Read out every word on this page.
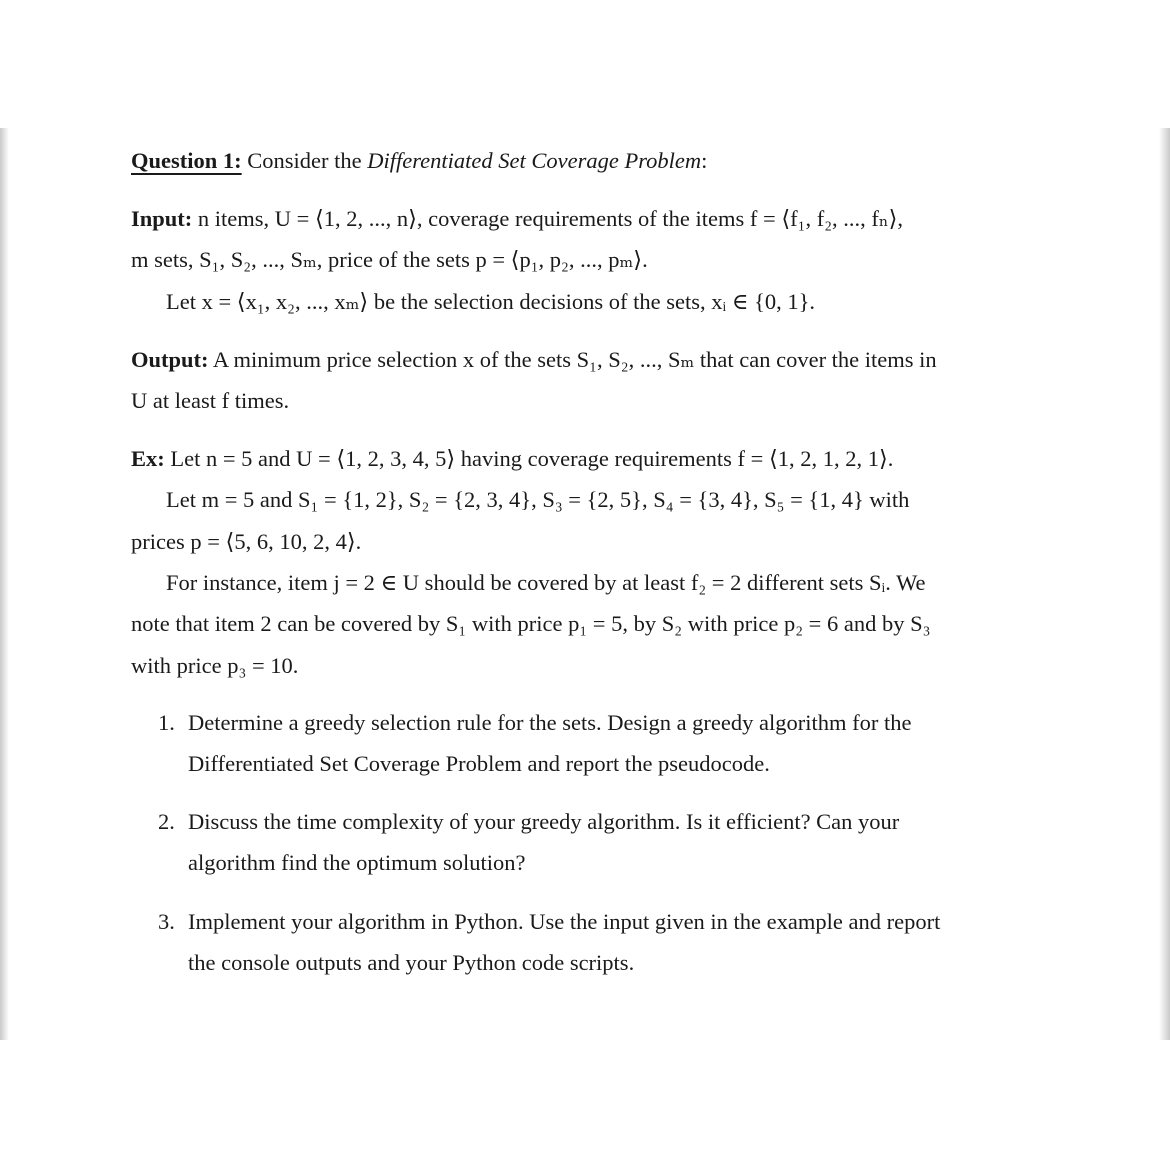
Question 1: Consider the Differentiated Set Coverage Problem:
Input: n items, U = ⟨1, 2, ..., n⟩, coverage requirements of the items f = ⟨f₁, f₂, ..., fₙ⟩,
m sets, S₁, S₂, ..., Sₘ, price of the sets p = ⟨p₁, p₂, ..., pₘ⟩.
Let x = ⟨x₁, x₂, ..., xₘ⟩ be the selection decisions of the sets, xᵢ ∈ {0, 1}.
Output: A minimum price selection x of the sets S₁, S₂, ..., Sₘ that can cover the items in
U at least f times.
Ex: Let n = 5 and U = ⟨1, 2, 3, 4, 5⟩ having coverage requirements f = ⟨1, 2, 1, 2, 1⟩.
Let m = 5 and S₁ = {1, 2}, S₂ = {2, 3, 4}, S₃ = {2, 5}, S₄ = {3, 4}, S₅ = {1, 4} with
prices p = ⟨5, 6, 10, 2, 4⟩.
For instance, item j = 2 ∈ U should be covered by at least f₂ = 2 different sets Sᵢ. We
note that item 2 can be covered by S₁ with price p₁ = 5, by S₂ with price p₂ = 6 and by S₃
with price p₃ = 10.
1. Determine a greedy selection rule for the sets. Design a greedy algorithm for the
Differentiated Set Coverage Problem and report the pseudocode.
2. Discuss the time complexity of your greedy algorithm. Is it efficient? Can your
algorithm find the optimum solution?
3. Implement your algorithm in Python. Use the input given in the example and report
the console outputs and your Python code scripts.
